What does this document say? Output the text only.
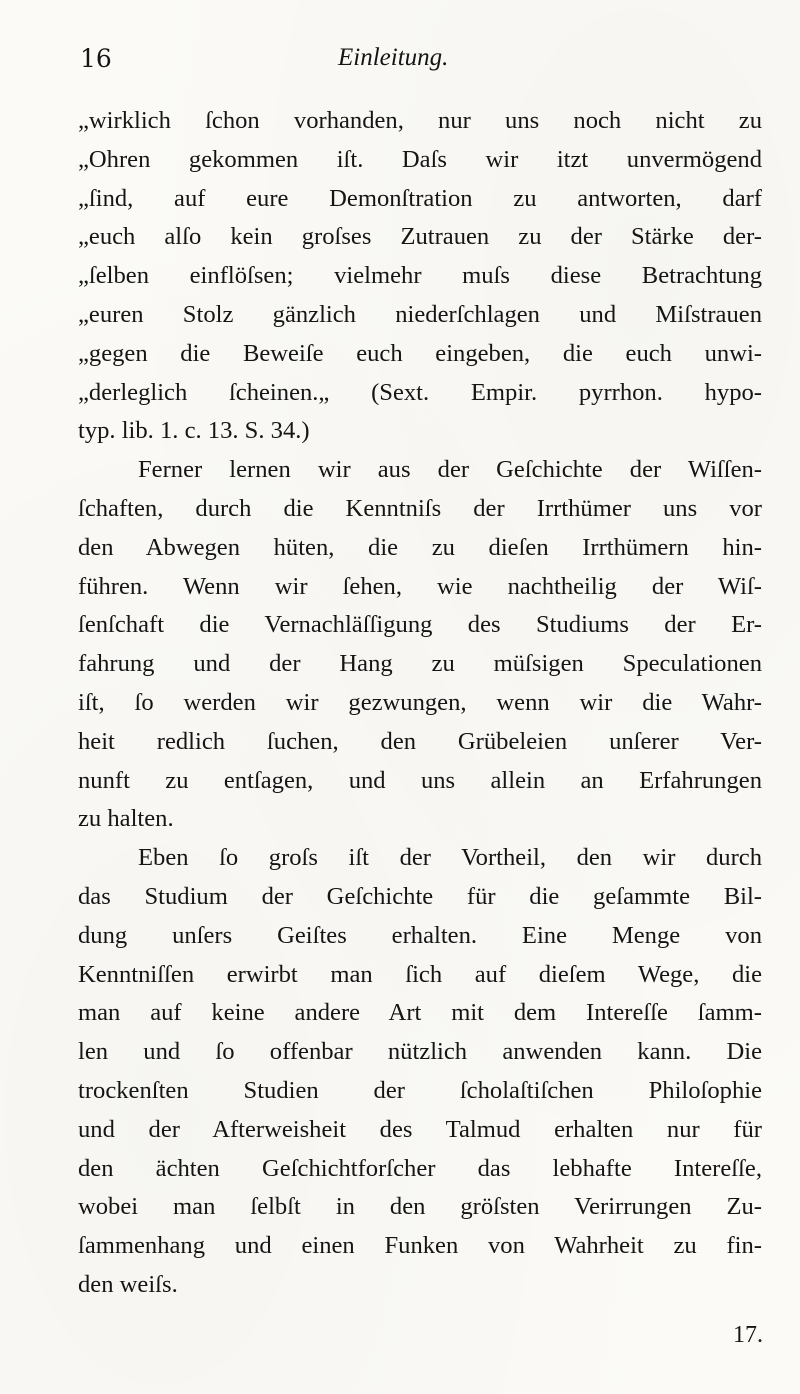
16	Einleitung.
„wirklich ſchon vorhanden, nur uns noch nicht zu
„Ohren gekommen iſt. Daſs wir itzt unvermögend
„ſind, auf eure Demonſtration zu antworten, darf
„euch alſo kein groſses Zutrauen zu der Stärke der-
„ſelben einflöſsen; vielmehr muſs diese Betrachtung
„euren Stolz gänzlich niederſchlagen und Miſstrauen
„gegen die Beweiſe euch eingeben, die euch unwi-
„derleglich ſcheinen.„ (Sext. Empir. pyrrhon. hypo-
typ. lib. 1. c. 13. S. 34.)
Ferner lernen wir aus der Geſchichte der Wiſſen-
ſchaften, durch die Kenntniſs der Irrthümer uns vor
den Abwegen hüten, die zu dieſen Irrthümern hin-
führen. Wenn wir ſehen, wie nachtheilig der Wiſ-
ſenſchaft die Vernachläſſigung des Studiums der Er-
fahrung und der Hang zu müſsigen Speculationen
iſt, ſo werden wir gezwungen, wenn wir die Wahr-
heit redlich ſuchen, den Grübeleien unſerer Ver-
nunft zu entſagen, und uns allein an Erfahrungen
zu halten.
Eben ſo groſs iſt der Vortheil, den wir durch
das Studium der Geſchichte für die geſammte Bil-
dung unſers Geiſtes erhalten. Eine Menge von
Kenntniſſen erwirbt man ſich auf dieſem Wege, die
man auf keine andere Art mit dem Intereſſe ſamm-
len und ſo offenbar nützlich anwenden kann. Die
trockenſten Studien der ſcholaſtiſchen Philoſophie
und der Afterweisheit des Talmud erhalten nur für
den ächten Geſchichtforſcher das lebhafte Intereſſe,
wobei man ſelbſt in den gröſsten Verirrungen Zu-
ſammenhang und einen Funken von Wahrheit zu fin-
den weiſs.
17.
